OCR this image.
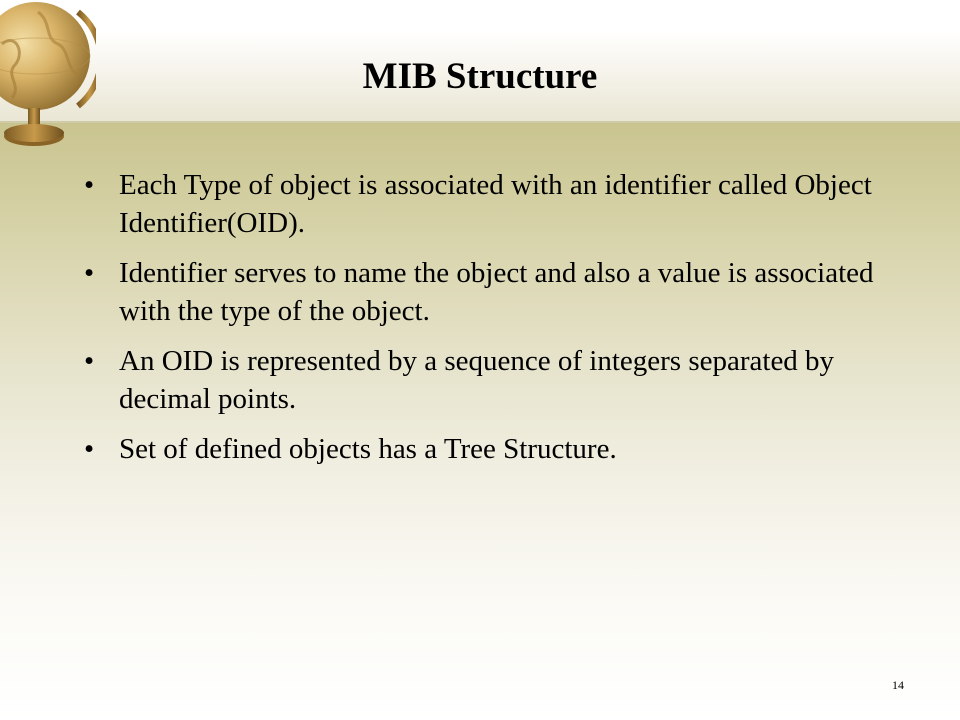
MIB Structure
• Each Type of object is associated with an identifier called Object Identifier(OID).
• Identifier serves to name the object and also a value is associated with the type of the object.
• An OID is represented by a sequence of integers separated by decimal points.
• Set of defined objects has a Tree Structure.
14
